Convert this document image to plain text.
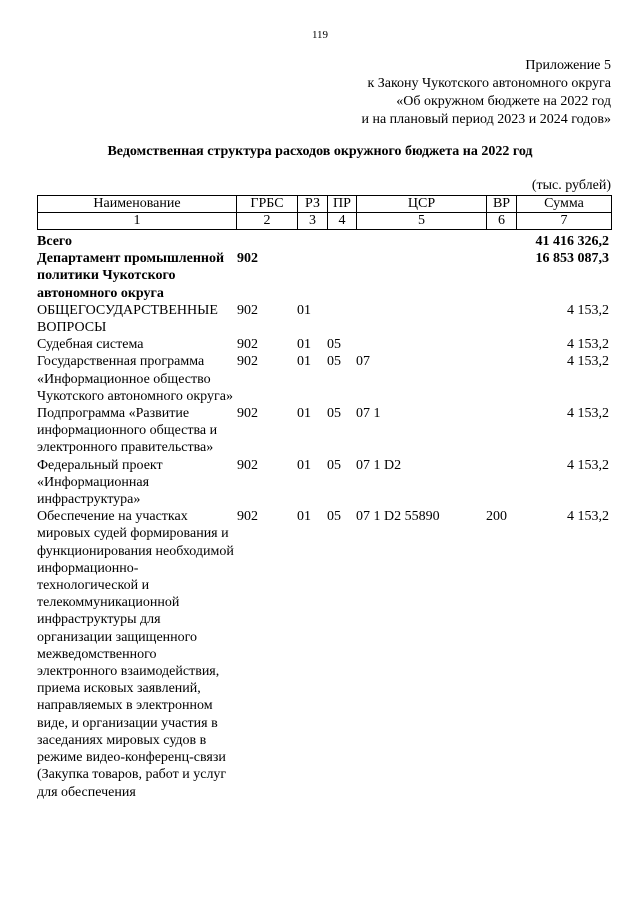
119
Приложение 5
к Закону Чукотского автономного округа
«Об окружном бюджете на 2022 год
и на плановый период 2023 и 2024 годов»
Ведомственная структура расходов окружного бюджета на 2022 год
(тыс. рублей)
Наименование	ГРБС	РЗ	ПР	ЦСР	ВР	Сумма
1	2	3	4	5	6	7
Всего						41 416 326,2
Департамент промышленной политики Чукотского автономного округа	902					16 853 087,3
ОБЩЕГОСУДАРСТВЕННЫЕ ВОПРОСЫ	902	01				4 153,2
Судебная система	902	01	05			4 153,2
Государственная программа «Информационное общество Чукотского автономного округа»	902	01	05	07		4 153,2
Подпрограмма «Развитие информационного общества и электронного правительства»	902	01	05	07 1		4 153,2
Федеральный проект «Информационная инфраструктура»	902	01	05	07 1 D2		4 153,2
Обеспечение на участках мировых судей формирования и функционирования необходимой информационно-технологической и телекоммуникационной инфраструктуры для организации защищенного межведомственного электронного взаимодействия, приема исковых заявлений, направляемых в электронном виде, и организации участия в заседаниях мировых судов в режиме видео-конференц-связи (Закупка товаров, работ и услуг для обеспечения	902	01	05	07 1 D2 55890	200	4 153,2
